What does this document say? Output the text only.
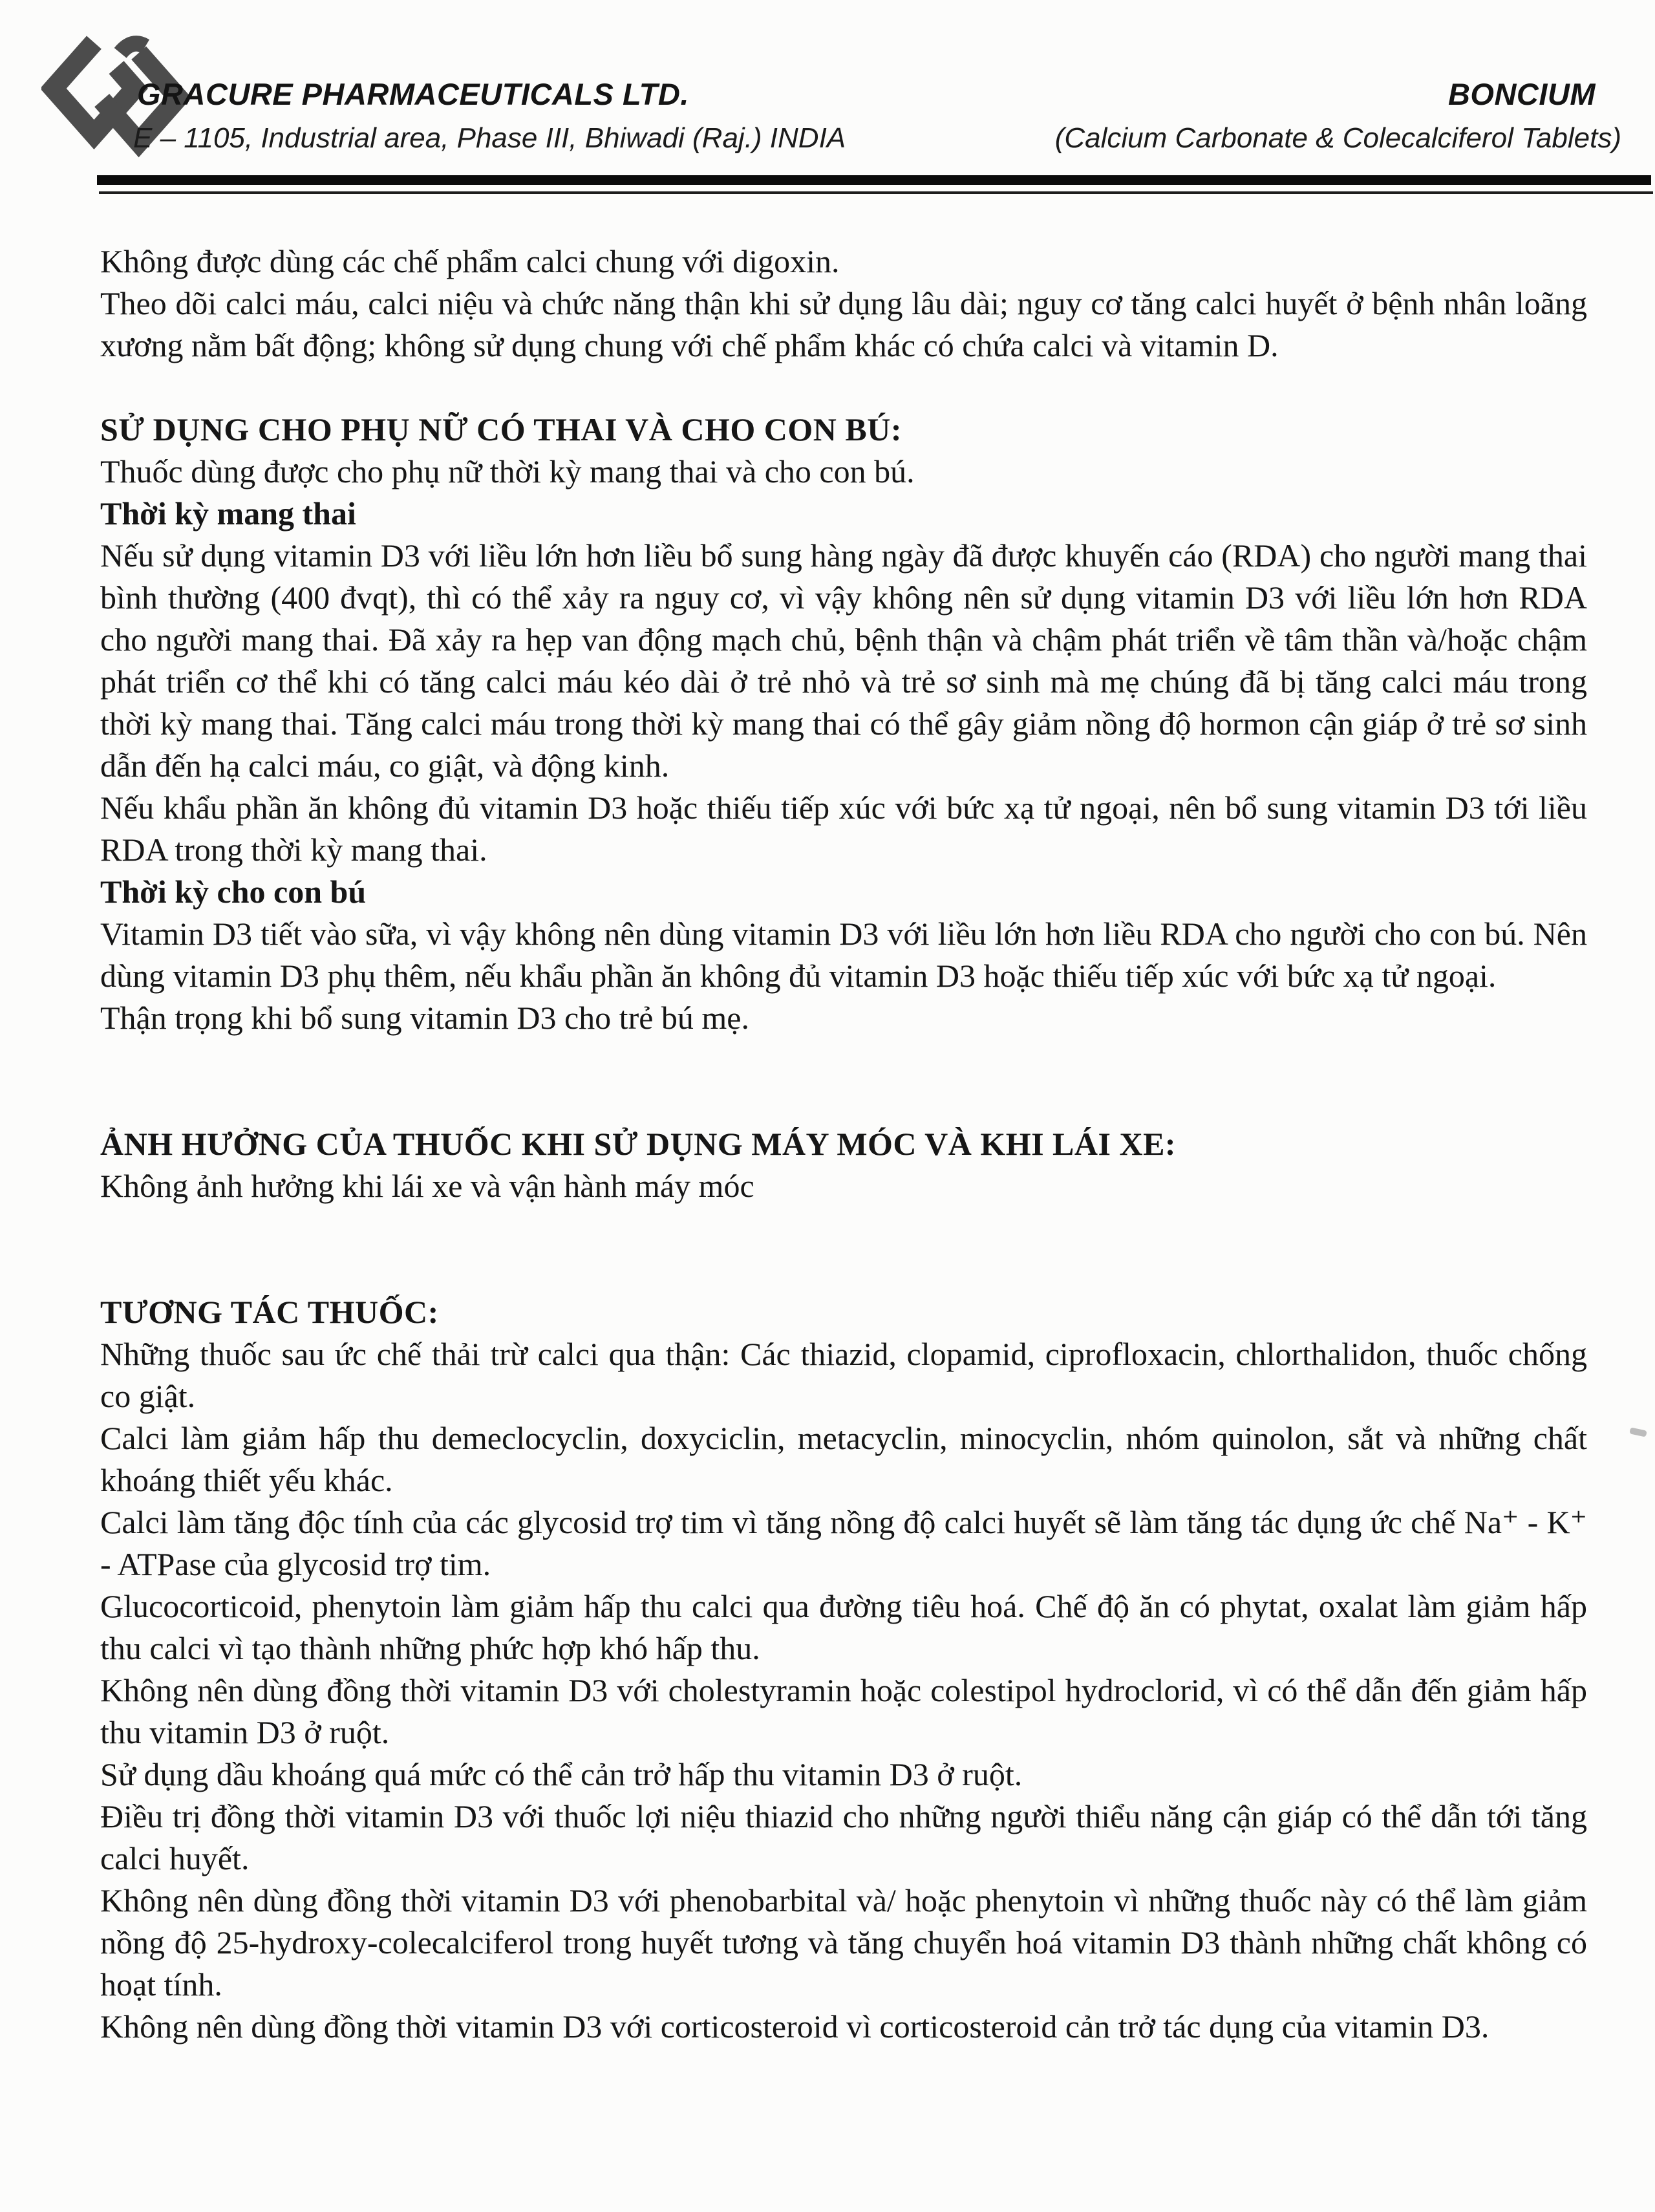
GRACURE PHARMACEUTICALS LTD.
E – 1105, Industrial area, Phase III, Bhiwadi (Raj.) INDIA
BONCIUM
(Calcium Carbonate & Colecalciferol Tablets)

Không được dùng các chế phẩm calci chung với digoxin.

Theo dõi calci máu, calci niệu và chức năng thận khi sử dụng lâu dài; nguy cơ tăng calci huyết ở bệnh nhân loãng xương nằm bất động; không sử dụng chung với chế phẩm khác có chứa calci và vitamin D.

SỬ DỤNG CHO PHỤ NỮ CÓ THAI VÀ CHO CON BÚ:

Thuốc dùng được cho phụ nữ thời kỳ mang thai và cho con bú.

Thời kỳ mang thai

Nếu sử dụng vitamin D3 với liều lớn hơn liều bổ sung hàng ngày đã được khuyến cáo (RDA) cho người mang thai bình thường (400 đvqt), thì có thể xảy ra nguy cơ, vì vậy không nên sử dụng vitamin D3 với liều lớn hơn RDA cho người mang thai. Đã xảy ra hẹp van động mạch chủ, bệnh thận và chậm phát triển về tâm thần và/hoặc chậm phát triển cơ thể khi có tăng calci máu kéo dài ở trẻ nhỏ và trẻ sơ sinh mà mẹ chúng đã bị tăng calci máu trong thời kỳ mang thai. Tăng calci máu trong thời kỳ mang thai có thể gây giảm nồng độ hormon cận giáp ở trẻ sơ sinh dẫn đến hạ calci máu, co giật, và động kinh.

Nếu khẩu phần ăn không đủ vitamin D3 hoặc thiếu tiếp xúc với bức xạ tử ngoại, nên bổ sung vitamin D3 tới liều RDA trong thời kỳ mang thai.

Thời kỳ cho con bú

Vitamin D3 tiết vào sữa, vì vậy không nên dùng vitamin D3 với liều lớn hơn liều RDA cho người cho con bú. Nên dùng vitamin D3 phụ thêm, nếu khẩu phần ăn không đủ vitamin D3 hoặc thiếu tiếp xúc với bức xạ tử ngoại.

Thận trọng khi bổ sung vitamin D3 cho trẻ bú mẹ.

ẢNH HƯỞNG CỦA THUỐC KHI SỬ DỤNG MÁY MÓC VÀ KHI LÁI XE:

Không ảnh hưởng khi lái xe và vận hành máy móc

TƯƠNG TÁC THUỐC:

Những thuốc sau ức chế thải trừ calci qua thận: Các thiazid, clopamid, ciprofloxacin, chlorthalidon, thuốc chống co giật.

Calci làm giảm hấp thu demeclocyclin, doxyciclin, metacyclin, minocyclin, nhóm quinolon, sắt và những chất khoáng thiết yếu khác.

Calci làm tăng độc tính của các glycosid trợ tim vì tăng nồng độ calci huyết sẽ làm tăng tác dụng ức chế Na⁺ - K⁺ - ATPase của glycosid trợ tim.

Glucocorticoid, phenytoin làm giảm hấp thu calci qua đường tiêu hoá. Chế độ ăn có phytat, oxalat làm giảm hấp thu calci vì tạo thành những phức hợp khó hấp thu.

Không nên dùng đồng thời vitamin D3 với cholestyramin hoặc colestipol hydroclorid, vì có thể dẫn đến giảm hấp thu vitamin D3 ở ruột.

Sử dụng dầu khoáng quá mức có thể cản trở hấp thu vitamin D3 ở ruột.

Điều trị đồng thời vitamin D3 với thuốc lợi niệu thiazid cho những người thiểu năng cận giáp có thể dẫn tới tăng calci huyết.

Không nên dùng đồng thời vitamin D3 với phenobarbital và/ hoặc phenytoin vì những thuốc này có thể làm giảm nồng độ 25-hydroxy-colecalciferol trong huyết tương và tăng chuyển hoá vitamin D3 thành những chất không có hoạt tính.

Không nên dùng đồng thời vitamin D3 với corticosteroid vì corticosteroid cản trở tác dụng của vitamin D3.
